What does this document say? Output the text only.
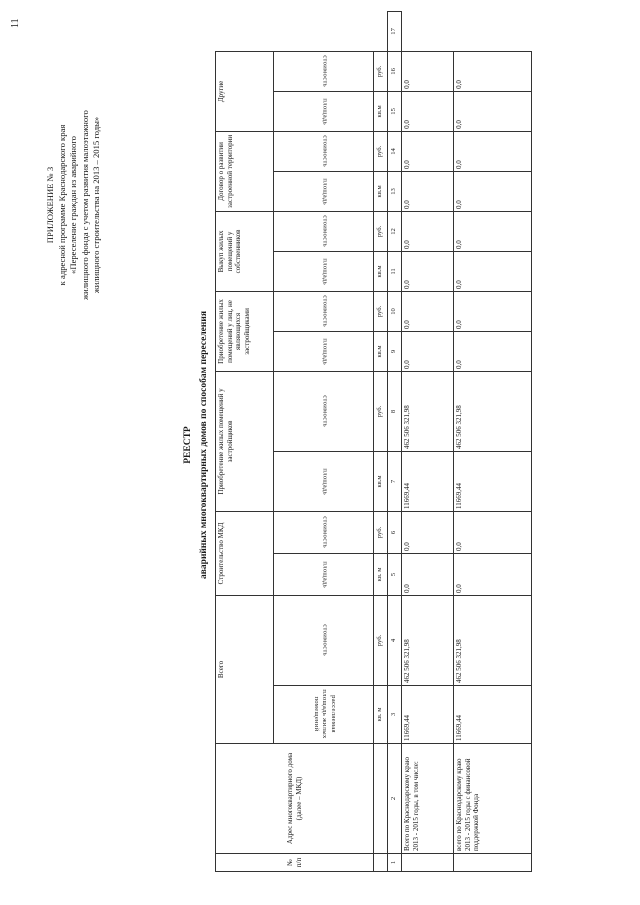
11
ПРИЛОЖЕНИЕ № 3 к адресной программе Краснодарского края «Переселение граждан из аварийного жилищного фонда с учетом развития малоэтажного жилищного строительства на 2013 – 2015 годы»
РЕЕСТР аварийных многоквартирных домов по способам переселения
№ п/п	Адрес многоквартирного дома (далее – МКД)	Всего		Строительство МКД		Приобретение жилых помещений у застройщиков		Приобретение жилых помещений у лиц, не являющихся застройщиками		Выкуп жилых помещений у собственников		Договор о развитии застроенной территории		Другие		
		расселяемая площадь жилых помещений	стоимость	площадь	стоимость	площадь	стоимость	площадь	стоимость	площадь	стоимость	площадь	стоимость	площадь	стоимость	
		кв. м	руб.	кв. м	руб.	кв.м	руб.	кв.м	руб.	кв.м	руб.	кв.м	руб.	кв.м	руб.	
1	2	3	4	5	6	7	8	9	10	11	12	13	14	15	16	17
	Всего по Краснодарскому краю 2013 - 2015 годы, в том числе:	11669,44	462 506 321,98	0,0	0,0	11669,44	462 506 321,98	0,0	0,0	0,0	0,0	0,0	0,0	0,0	0,0	
	всего по Краснодарскому краю 2013 - 2015 годы с финансовой поддержкой Фонда	11669,44	462 506 321,98	0,0	0,0	11669,44	462 506 321,98	0,0	0,0	0,0	0,0	0,0	0,0	0,0	0,0	
